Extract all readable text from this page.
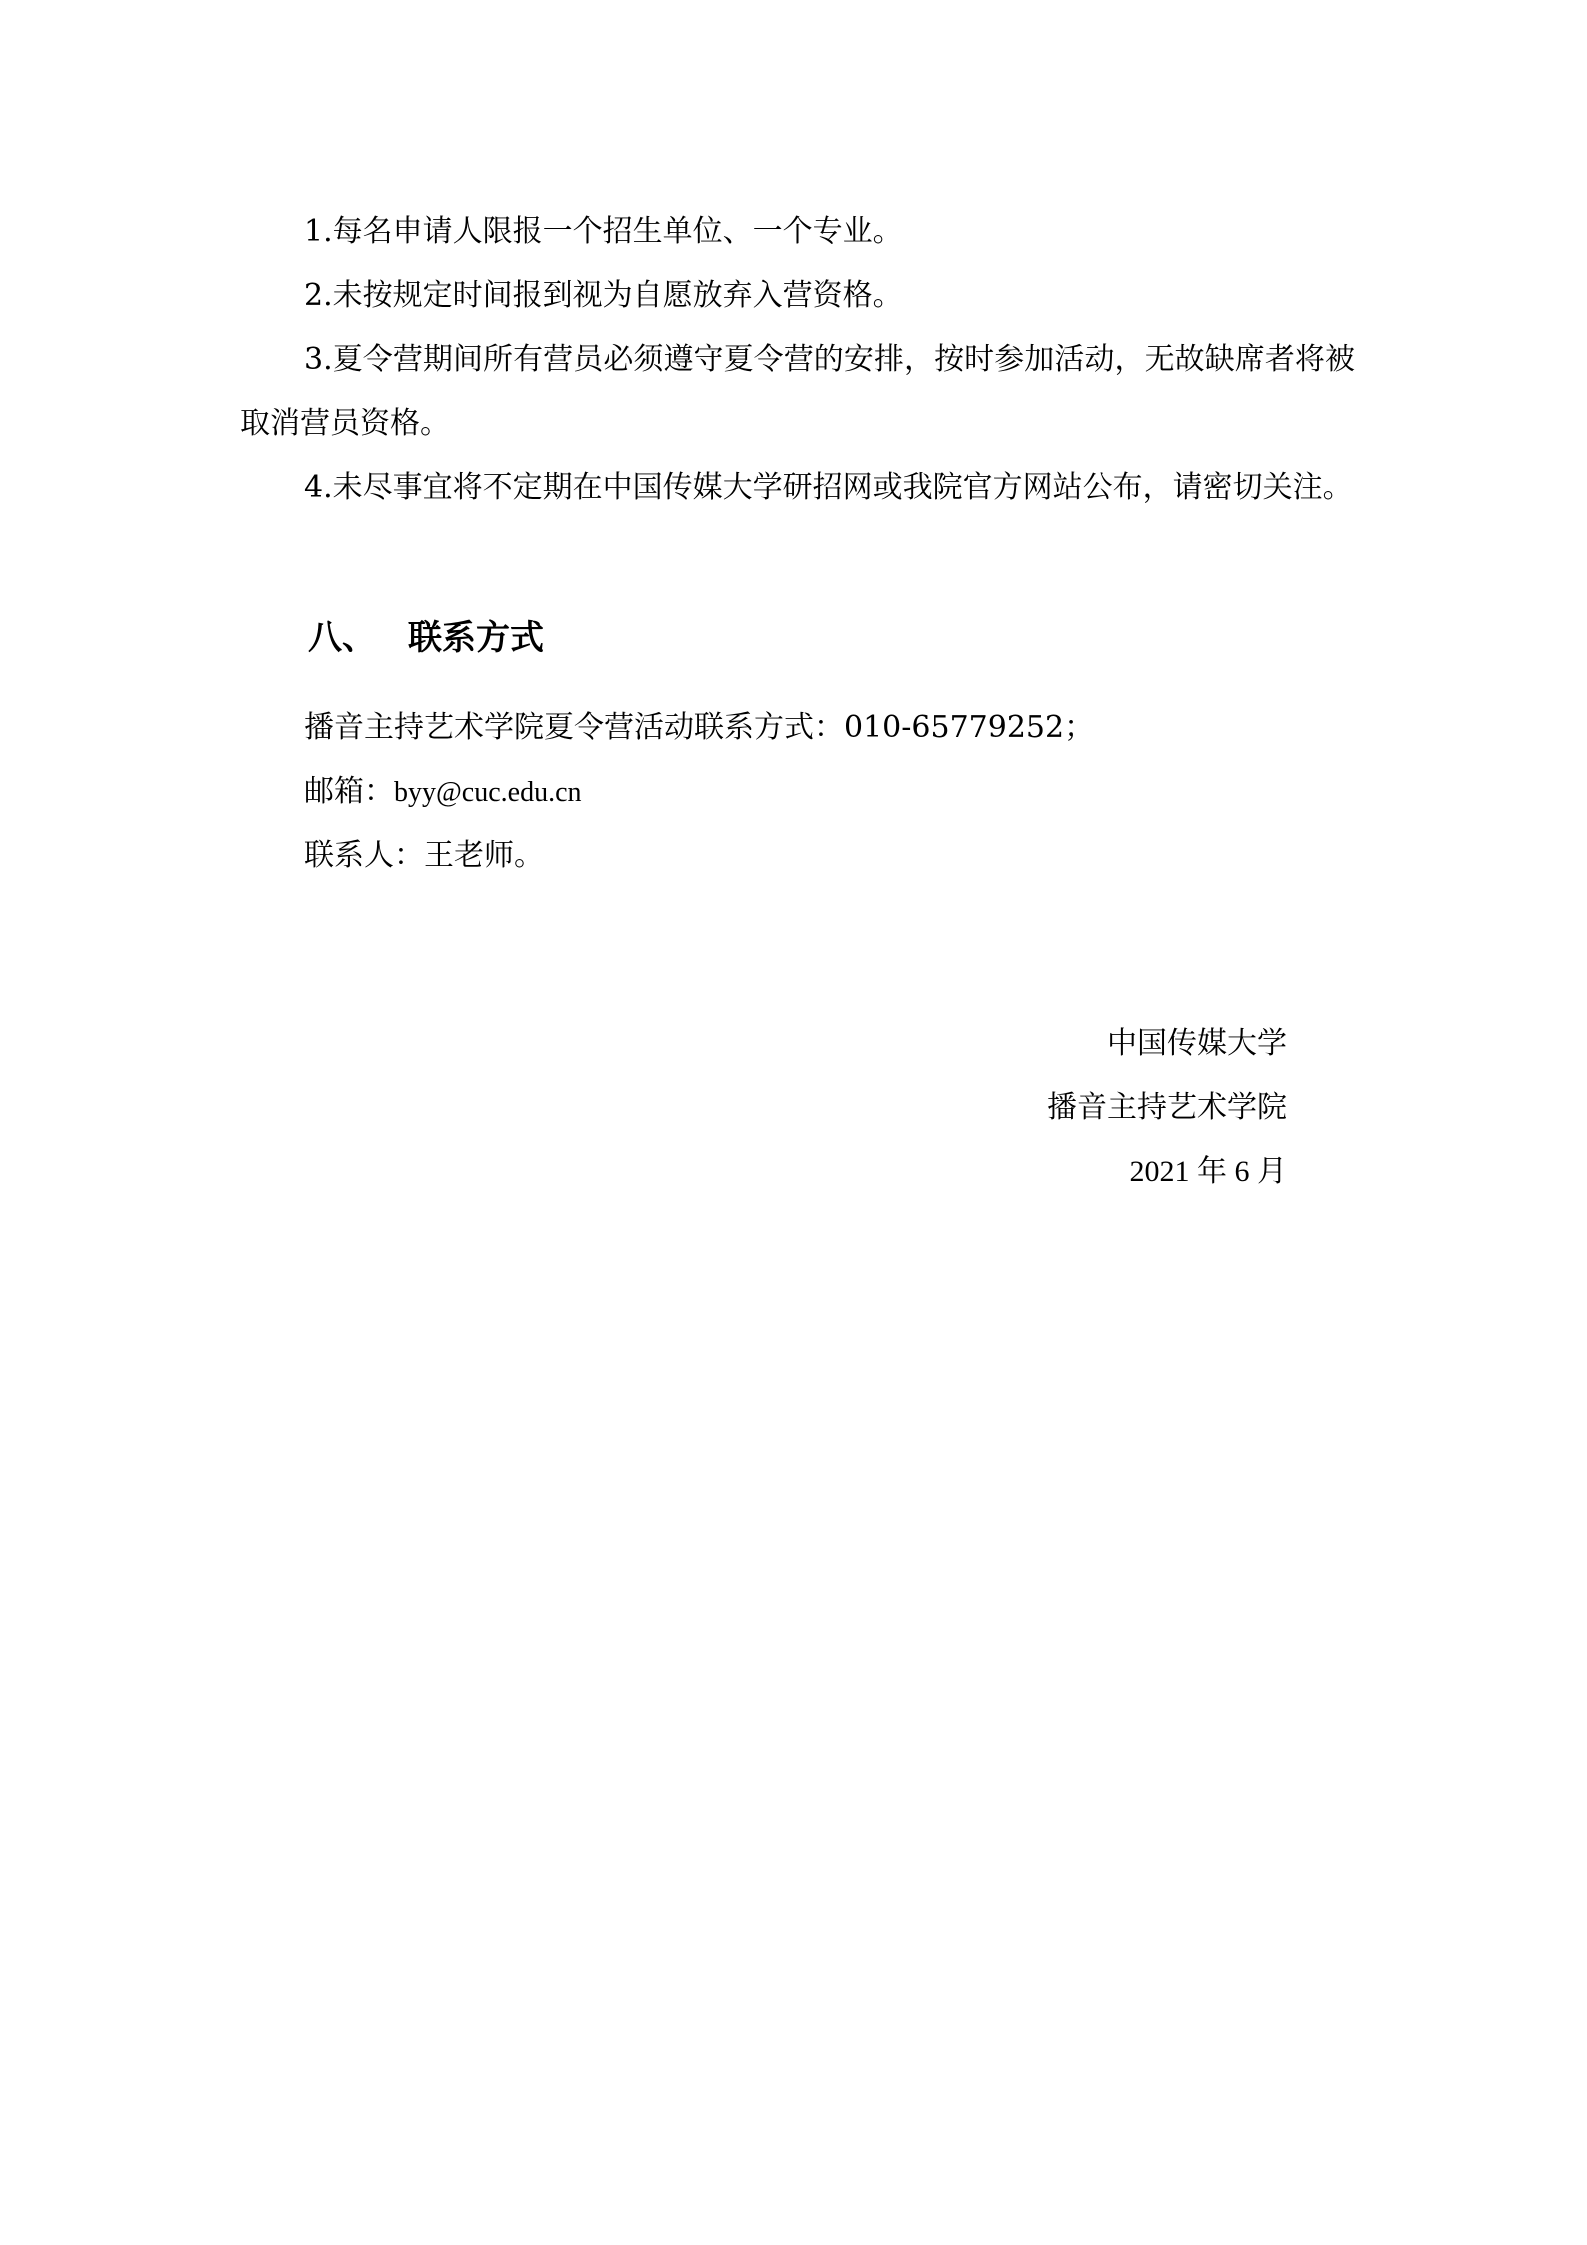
1.每名申请人限报一个招生单位、一个专业。

2.未按规定时间报到视为自愿放弃入营资格。

3.夏令营期间所有营员必须遵守夏令营的安排，按时参加活动，无故缺席者将被取消营员资格。

4.未尽事宜将不定期在中国传媒大学研招网或我院官方网站公布，请密切关注。

八、 联系方式

播音主持艺术学院夏令营活动联系方式：010-65779252；

邮箱：byy@cuc.edu.cn

联系人：王老师。

中国传媒大学

播音主持艺术学院

2021 年 6 月
